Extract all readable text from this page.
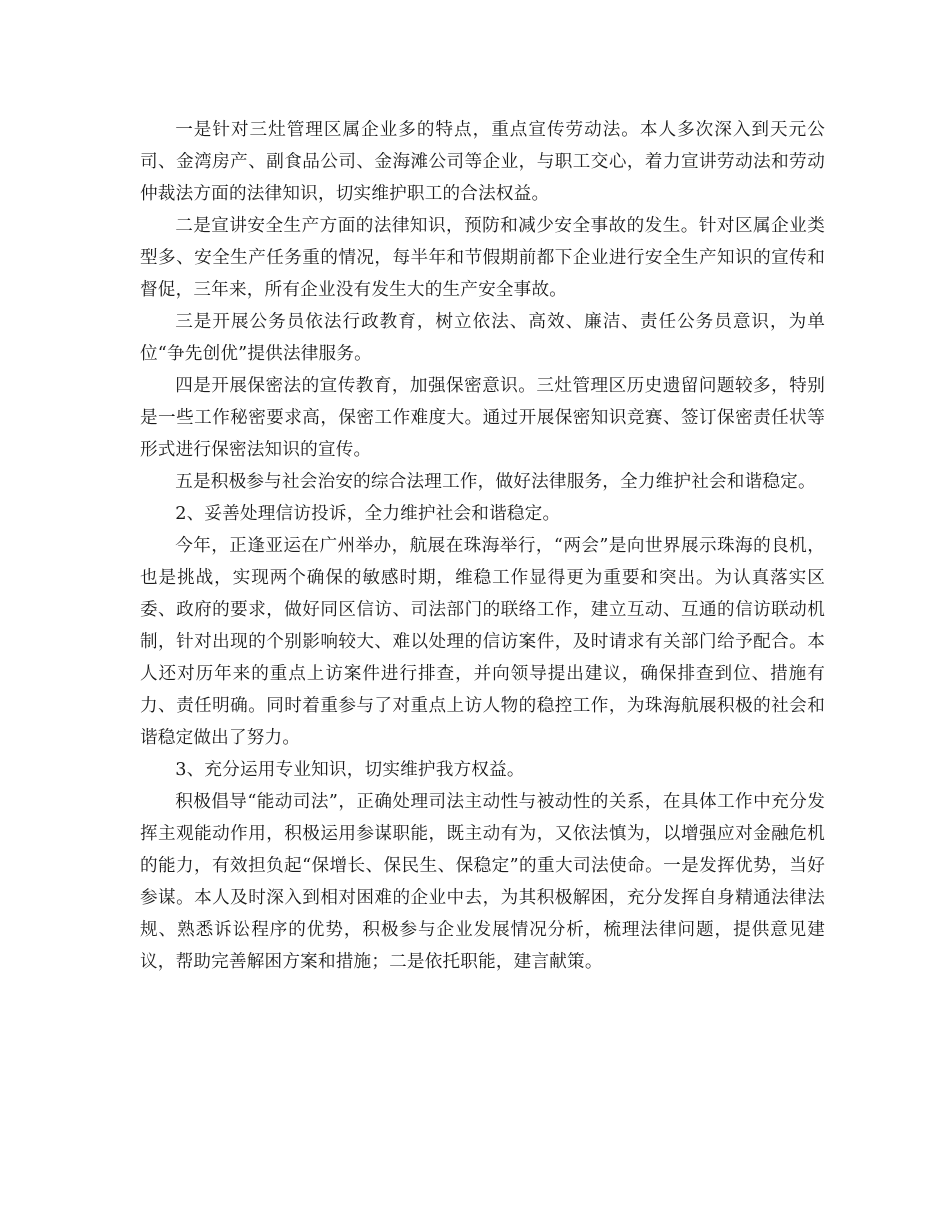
一是针对三灶管理区属企业多的特点，重点宣传劳动法。本人多次深入到天元公司、金湾房产、副食品公司、金海滩公司等企业，与职工交心，着力宣讲劳动法和劳动仲裁法方面的法律知识，切实维护职工的合法权益。

二是宣讲安全生产方面的法律知识，预防和减少安全事故的发生。针对区属企业类型多、安全生产任务重的情况，每半年和节假期前都下企业进行安全生产知识的宣传和督促，三年来，所有企业没有发生大的生产安全事故。

三是开展公务员依法行政教育，树立依法、高效、廉洁、责任公务员意识，为单位“争先创优”提供法律服务。

四是开展保密法的宣传教育，加强保密意识。三灶管理区历史遗留问题较多，特别是一些工作秘密要求高，保密工作难度大。通过开展保密知识竞赛、签订保密责任状等形式进行保密法知识的宣传。

五是积极参与社会治安的综合法理工作，做好法律服务，全力维护社会和谐稳定。

2、妥善处理信访投诉，全力维护社会和谐稳定。

今年，正逢亚运在广州举办，航展在珠海举行，“两会”是向世界展示珠海的良机，也是挑战，实现两个确保的敏感时期，维稳工作显得更为重要和突出。为认真落实区委、政府的要求，做好同区信访、司法部门的联络工作，建立互动、互通的信访联动机制，针对出现的个别影响较大、难以处理的信访案件，及时请求有关部门给予配合。本人还对历年来的重点上访案件进行排查，并向领导提出建议，确保排查到位、措施有力、责任明确。同时着重参与了对重点上访人物的稳控工作，为珠海航展积极的社会和谐稳定做出了努力。

3、充分运用专业知识，切实维护我方权益。

积极倡导“能动司法”，正确处理司法主动性与被动性的关系，在具体工作中充分发挥主观能动作用，积极运用参谋职能，既主动有为，又依法慎为，以增强应对金融危机的能力，有效担负起“保增长、保民生、保稳定”的重大司法使命。一是发挥优势，当好参谋。本人及时深入到相对困难的企业中去，为其积极解困，充分发挥自身精通法律法规、熟悉诉讼程序的优势，积极参与企业发展情况分析，梳理法律问题，提供意见建议，帮助完善解困方案和措施；二是依托职能，建言献策。
